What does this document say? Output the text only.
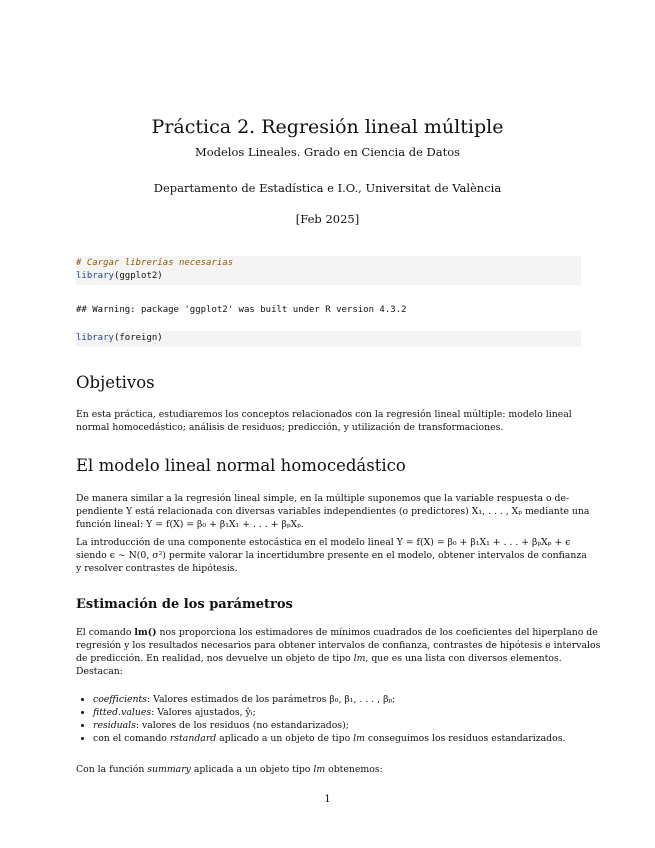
Práctica 2. Regresión lineal múltiple
Modelos Lineales. Grado en Ciencia de Datos
Departamento de Estadística e I.O., Universitat de València
[Feb 2025]
# Cargar librerías necesarias
library(ggplot2)
## Warning: package 'ggplot2' was built under R version 4.3.2
library(foreign)
Objetivos
En esta práctica, estudiaremos los conceptos relacionados con la regresión lineal múltiple: modelo lineal
normal homocedástico; análisis de residuos; predicción, y utilización de transformaciones.
El modelo lineal normal homocedástico
De manera similar a la regresión lineal simple, en la múltiple suponemos que la variable respuesta o de-
pendiente Y está relacionada con diversas variables independientes (o predictores) X₁, . . . , Xₚ mediante una
función lineal: Y = f(X) = β₀ + β₁X₁ + . . . + βₚXₚ.
La introducción de una componente estocástica en el modelo lineal Y = f(X) = β₀ + β₁X₁ + . . . + βₚXₚ + ϵ
siendo ϵ ∼ N(0, σ²) permite valorar la incertidumbre presente en el modelo, obtener intervalos de confianza
y resolver contrastes de hipótesis.
Estimación de los parámetros
El comando lm() nos proporciona los estimadores de mínimos cuadrados de los coeficientes del hiperplano de
regresión y los resultados necesarios para obtener intervalos de confianza, contrastes de hipótesis e intervalos
de predicción. En realidad, nos devuelve un objeto de tipo lm, que es una lista con diversos elementos.
Destacan:
• coefficients: Valores estimados de los parámetros β₀, β₁, . . . , βₚ;
• fitted.values: Valores ajustados, ŷᵢ;
• residuals: valores de los residuos (no estandarizados);
• con el comando rstandard aplicado a un objeto de tipo lm conseguimos los residuos estandarizados.
Con la función summary aplicada a un objeto tipo lm obtenemos:
1
